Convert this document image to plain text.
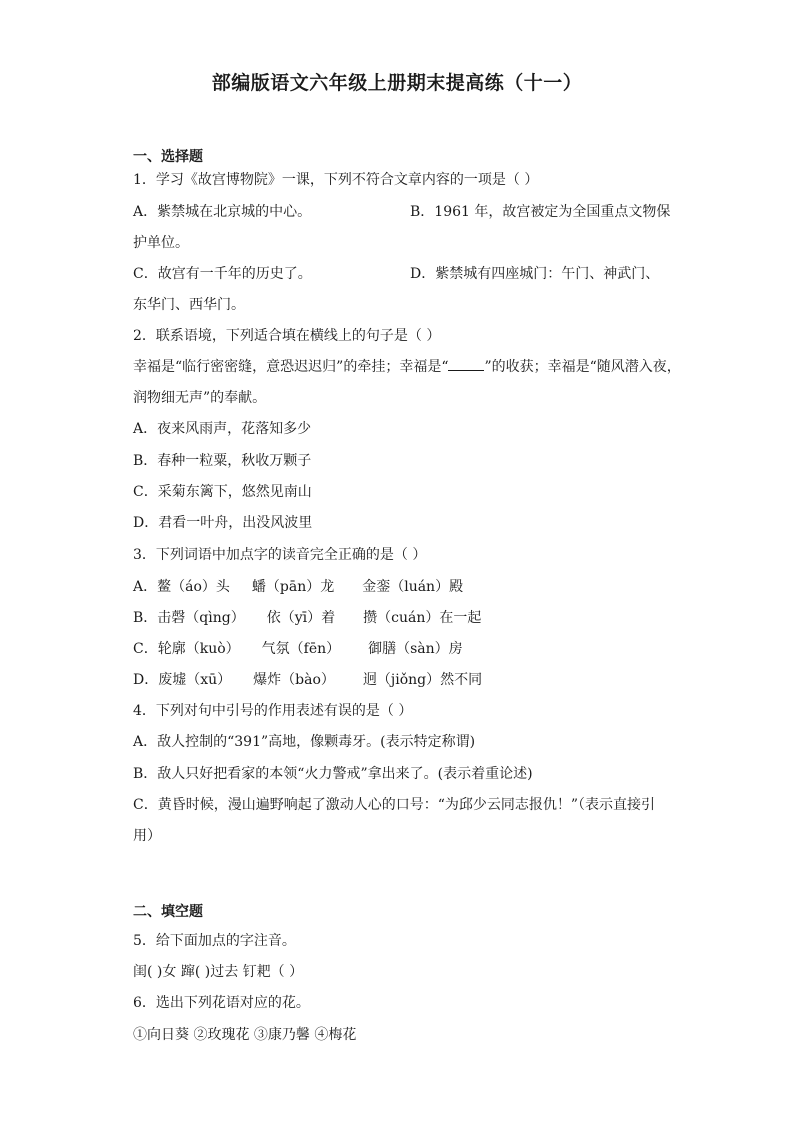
部编版语文六年级上册期末提高练（十一）
一、选择题
1．学习《故宫博物院》一课，下列不符合文章内容的一项是（ ）
A．紫禁城在北京城的中心。	B．1961 年，故宫被定为全国重点文物保
护单位。
C．故宫有一千年的历史了。	D．紫禁城有四座城门：午门、神武门、
东华门、西华门。
2．联系语境，下列适合填在横线上的句子是（ ）
幸福是“临行密密缝，意恐迟迟归”的牵挂；幸福是“	”的收获；幸福是“随风潜入夜，
润物细无声”的奉献。
A．夜来风雨声，花落知多少
B．春种一粒粟，秋收万颗子
C．采菊东篱下，悠然见南山
D．君看一叶舟，出没风波里
3．下列词语中加点字的读音完全正确的是（ ）
A．鳌（áo）头 蟠（pān）龙 金銮（luán）殿
B．击磬（qìng） 依（yī）着 攒（cuán）在一起
C．轮廓（kuò） 气氛（fēn） 御膳（sàn）房
D．废墟（xū） 爆炸（bào） 迥（jiǒng）然不同
4．下列对句中引号的作用表述有误的是（ ）
A．敌人控制的“391”高地，像颗毒牙。(表示特定称谓)
B．敌人只好把看家的本领“火力警戒”拿出来了。(表示着重论述)
C．黄昏时候，漫山遍野响起了激动人心的口号：“为邱少云同志报仇！”（表示直接引
用）
二、填空题
5．给下面加点的字注音。
闺( )女 蹿( )过去 钉耙（ ）
6．选出下列花语对应的花。
①向日葵 ②玫瑰花 ③康乃馨 ④梅花
